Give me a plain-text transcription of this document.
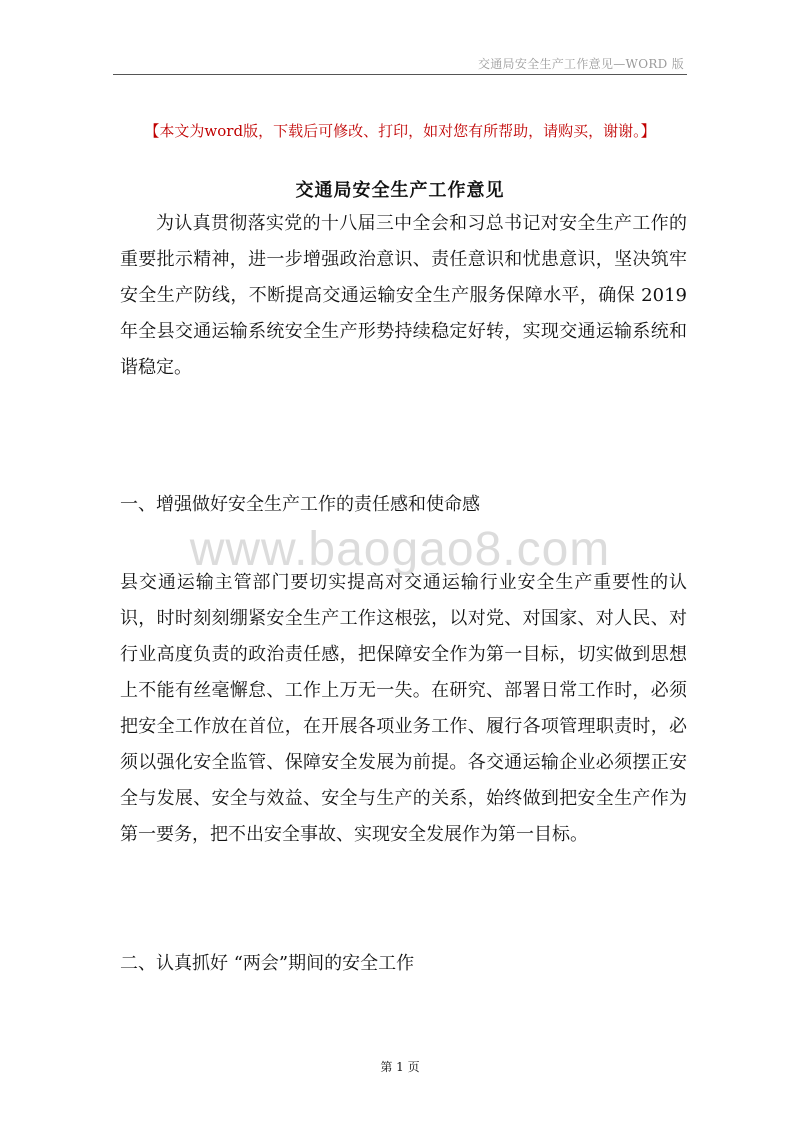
交通局安全生产工作意见—WORD 版
【本文为word版，下载后可修改、打印，如对您有所帮助，请购买，谢谢。】
交通局安全生产工作意见

为认真贯彻落实党的十八届三中全会和习总书记对安全生产工作的重要批示精神，进一步增强政治意识、责任意识和忧患意识，坚决筑牢安全生产防线，不断提高交通运输安全生产服务保障水平，确保 2019 年全县交通运输系统安全生产形势持续稳定好转，实现交通运输系统和谐稳定。

一、增强做好安全生产工作的责任感和使命感
www.baogao8.com

县交通运输主管部门要切实提高对交通运输行业安全生产重要性的认识，时时刻刻绷紧安全生产工作这根弦，以对党、对国家、对人民、对行业高度负责的政治责任感，把保障安全作为第一目标，切实做到思想上不能有丝毫懈怠、工作上万无一失。在研究、部署日常工作时，必须把安全工作放在首位，在开展各项业务工作、履行各项管理职责时，必须以强化安全监管、保障安全发展为前提。各交通运输企业必须摆正安全与发展、安全与效益、安全与生产的关系，始终做到把安全生产作为第一要务，把不出安全事故、实现安全发展作为第一目标。

二、认真抓好 “两会”期间的安全工作
第 1 页
